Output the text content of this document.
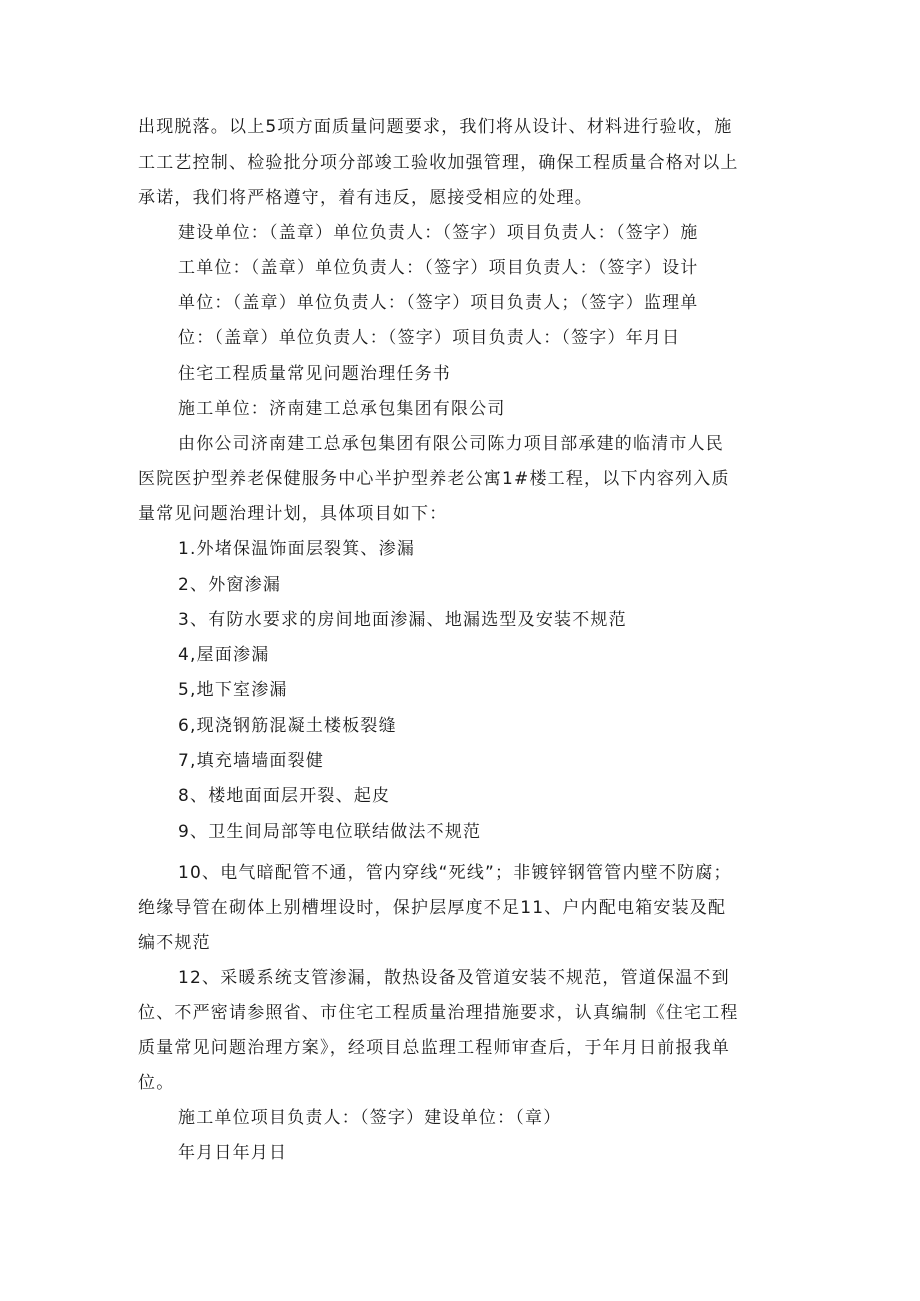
出现脱落。以上5项方面质量问题要求，我们将从设计、材料进行验收，施
工工艺控制、检验批分项分部竣工验收加强管理，确保工程质量合格对以上
承诺，我们将严格遵守，着有违反，愿接受相应的处理。
建设单位：（盖章）单位负责人：（签字）项目负责人：（签字）施
工单位：（盖章）单位负责人：（签字）项目负责人：（签字）设计
单位：（盖章）单位负责人：（签字）项目负责人；（签字）监理单
位：（盖章）单位负责人：（签字）项目负责人：（签字）年月日
住宅工程质量常见问题治理任务书
施工单位：济南建工总承包集团有限公司
由你公司济南建工总承包集团有限公司陈力项目部承建的临清市人民
医院医护型养老保健服务中心半护型养老公寓1#楼工程，以下内容列入质
量常见问题治理计划，具体项目如下：
1.外堵保温饰面层裂箕、渗漏
2、外窗渗漏
3、有防水要求的房间地面渗漏、地漏选型及安装不规范
4,屋面渗漏
5,地下室渗漏
6,现浇钢筋混凝土楼板裂缝
7,填充墙墙面裂健
8、楼地面面层开裂、起皮
9、卫生间局部等电位联结做法不规范
10、电气暗配管不通，管内穿线“死线”；非镀锌钢管管内壁不防腐；
绝缘导管在砌体上别槽埋设时，保护层厚度不足11、户内配电箱安装及配
编不规范
12、采暖系统支管渗漏，散热设备及管道安装不规范，管道保温不到
位、不严密请参照省、市住宅工程质量治理措施要求，认真编制《住宅工程
质量常见问题治理方案》，经项目总监理工程师审查后，于年月日前报我单
位。
施工单位项目负责人：（签字）建设单位：（章）
年月日年月日
